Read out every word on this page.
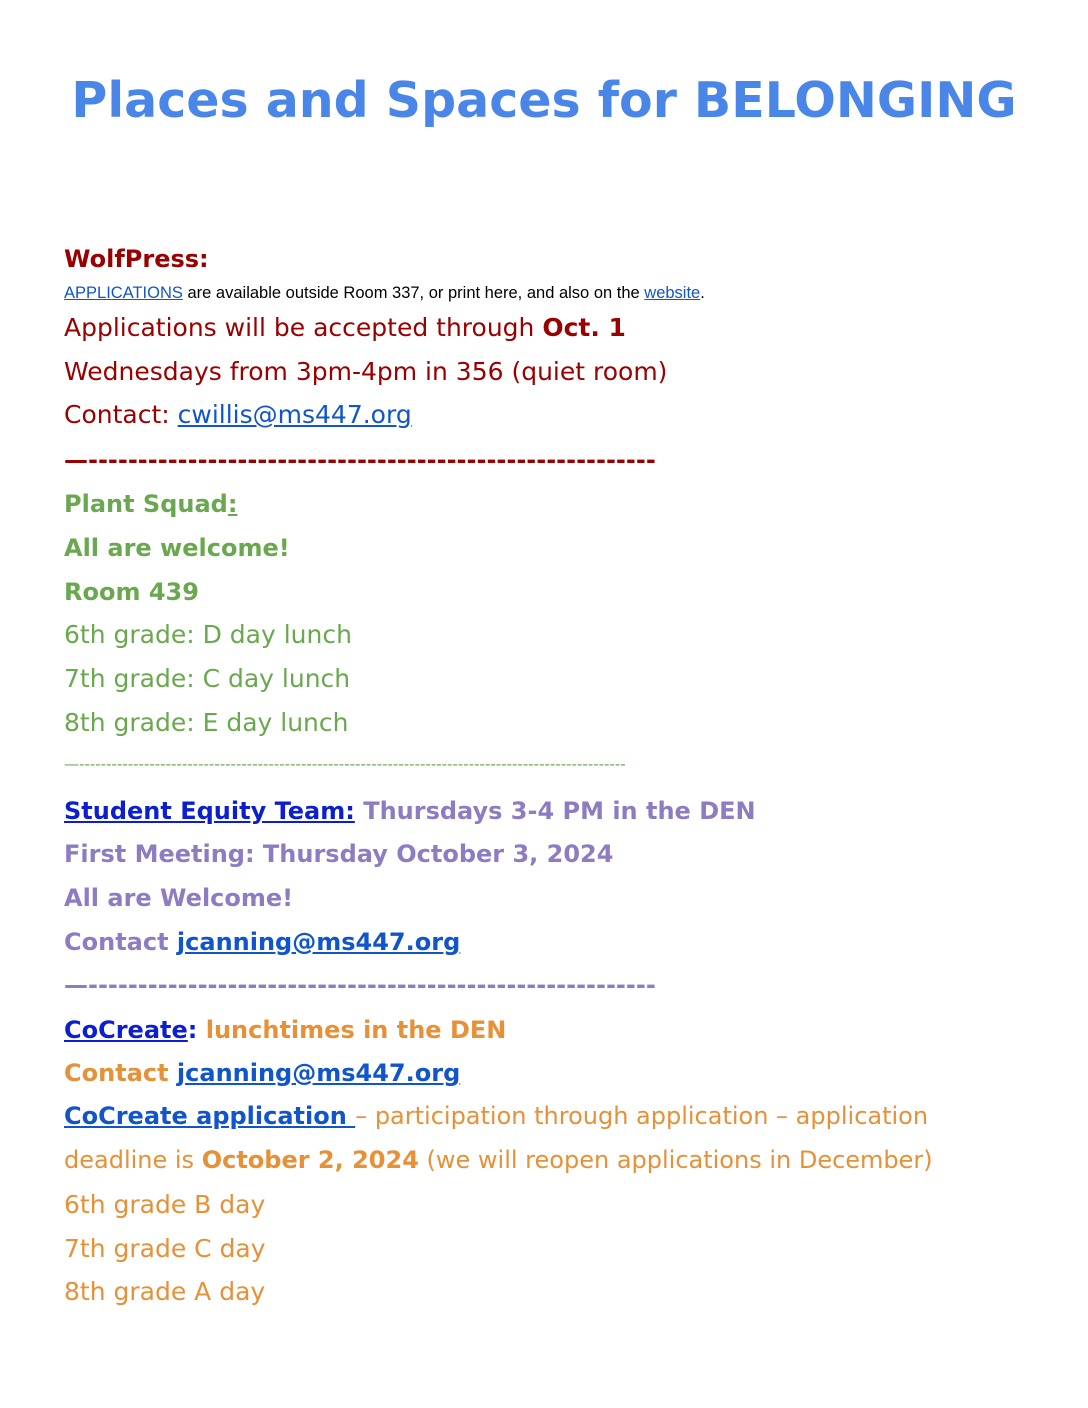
Places and Spaces for BELONGING

WolfPress:

APPLICATIONS are available outside Room 337, or print here, and also on the website.

Applications will be accepted through Oct. 1

Wednesdays from 3pm-4pm in 356 (quiet room)

Contact: cwillis@ms447.org

—---------------------------------------------------------

Plant Squad:

All are welcome!

Room 439

6th grade: D day lunch

7th grade: C day lunch

8th grade: E day lunch

—-----------------------------------------------------------------------------------------------------

Student Equity Team: Thursdays 3-4 PM in the DEN

First Meeting: Thursday October 3, 2024

All are Welcome!

Contact jcanning@ms447.org

—---------------------------------------------------------

CoCreate: lunchtimes in the DEN

Contact jcanning@ms447.org

CoCreate application – participation through application – application

deadline is October 2, 2024 (we will reopen applications in December)

6th grade B day

7th grade C day

8th grade A day
